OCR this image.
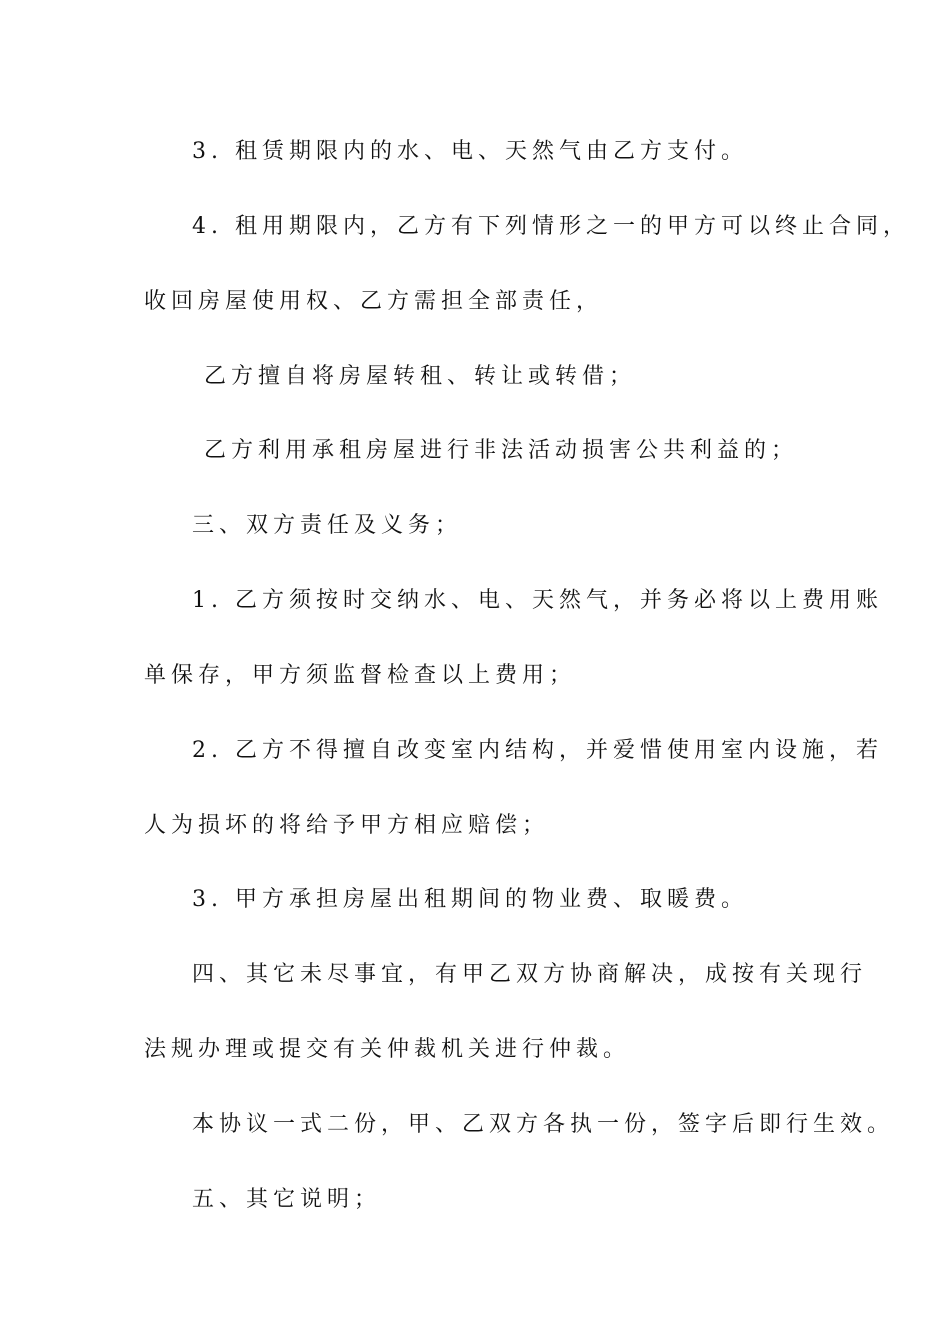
3. 租赁期限内的水、电、天然气由乙方支付。
4. 租用期限内，乙方有下列情形之一的甲方可以终止合同，
收回房屋使用权、乙方需担全部责任，
乙方擅自将房屋转租、转让或转借；
乙方利用承租房屋进行非法活动损害公共利益的；
三、双方责任及义务；
1. 乙方须按时交纳水、电、天然气，并务必将以上费用账
单保存，甲方须监督检查以上费用；
2. 乙方不得擅自改变室内结构，并爱惜使用室内设施，若
人为损坏的将给予甲方相应赔偿；
3. 甲方承担房屋出租期间的物业费、取暖费。
四、其它未尽事宜，有甲乙双方协商解决，成按有关现行
法规办理或提交有关仲裁机关进行仲裁。
本协议一式二份，甲、乙双方各执一份，签字后即行生效。
五、其它说明；
